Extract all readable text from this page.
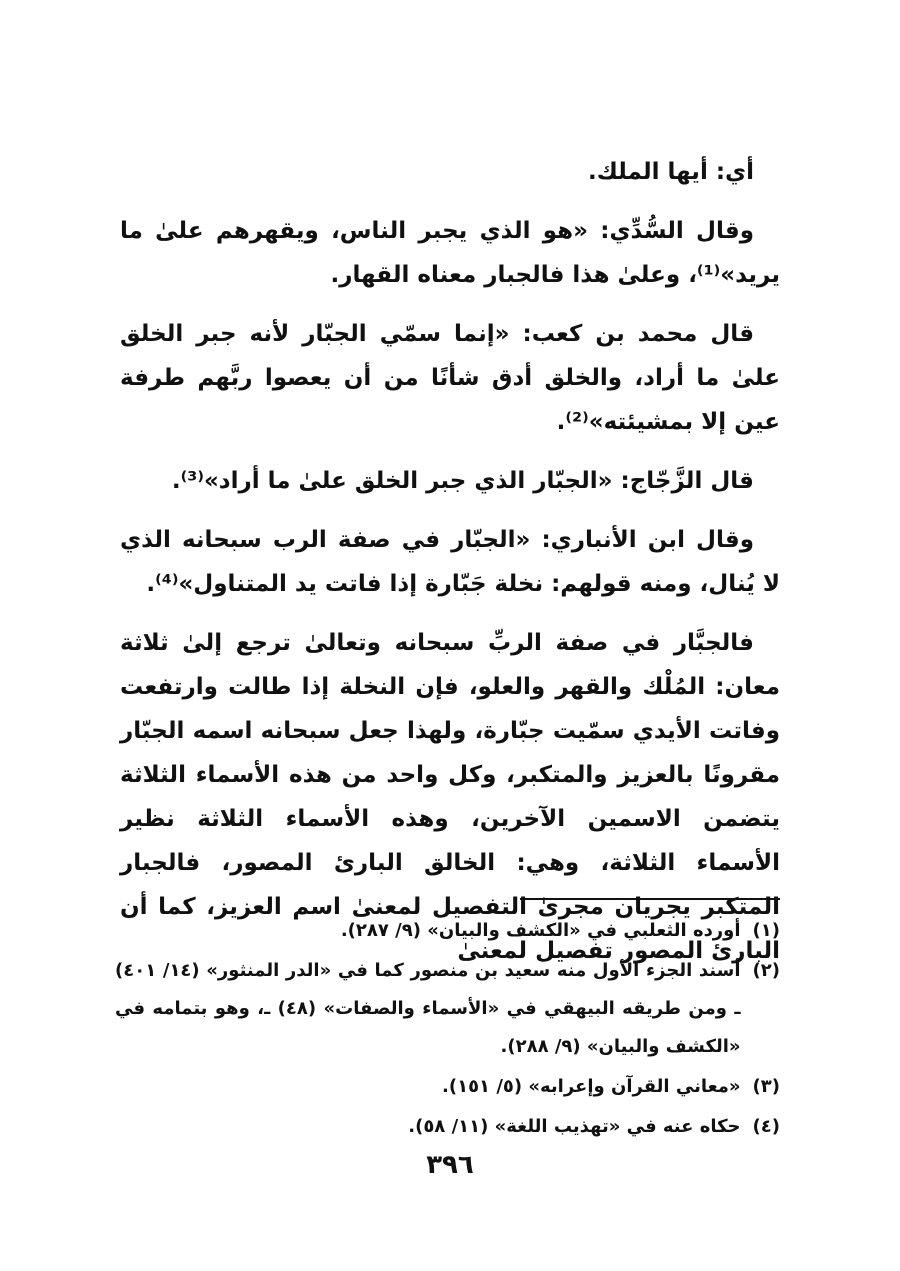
أي: أيها الملك.

وقال السُّدِّي: «هو الذي يجبر الناس، ويقهرهم علىٰ ما يريد»⁽¹⁾، وعلىٰ هذا فالجبار معناه القهار.

قال محمد بن كعب: «إنما سمّي الجبّار لأنه جبر الخلق علىٰ ما أراد، والخلق أدق شأنًا من أن يعصوا ربَّهم طرفة عين إلا بمشيئته»⁽²⁾.

قال الزَّجّاج: «الجبّار الذي جبر الخلق علىٰ ما أراد»⁽³⁾.

وقال ابن الأنباري: «الجبّار في صفة الرب سبحانه الذي لا يُنال، ومنه قولهم: نخلة جَبّارة إذا فاتت يد المتناول»⁽⁴⁾.

فالجبَّار في صفة الربِّ سبحانه وتعالىٰ ترجع إلىٰ ثلاثة معان: المُلْك والقهر والعلو، فإن النخلة إذا طالت وارتفعت وفاتت الأيدي سمّيت جبّارة، ولهذا جعل سبحانه اسمه الجبّار مقرونًا بالعزيز والمتكبر، وكل واحد من هذه الأسماء الثلاثة يتضمن الاسمين الآخرين، وهذه الأسماء الثلاثة نظير الأسماء الثلاثة، وهي: الخالق البارئ المصور، فالجبار المتكبر يجريان مجرىٰ التفصيل لمعنىٰ اسم العزيز، كما أن البارئ المصور تفصيل لمعنىٰ

(١)
أورده الثعلبي في «الكشف والبيان» (٩/ ٢٨٧).
(٢)
أسند الجزء الأول منه سعيد بن منصور كما في «الدر المنثور» (١٤/ ٤٠١) ـ ومن طريقه البيهقي في «الأسماء والصفات» (٤٨) ـ، وهو بتمامه في «الكشف والبيان» (٩/ ٢٨٨).
(٣)
«معاني القرآن وإعرابه» (٥/ ١٥١).
(٤)
حكاه عنه في «تهذيب اللغة» (١١/ ٥٨).
٣٩٦
